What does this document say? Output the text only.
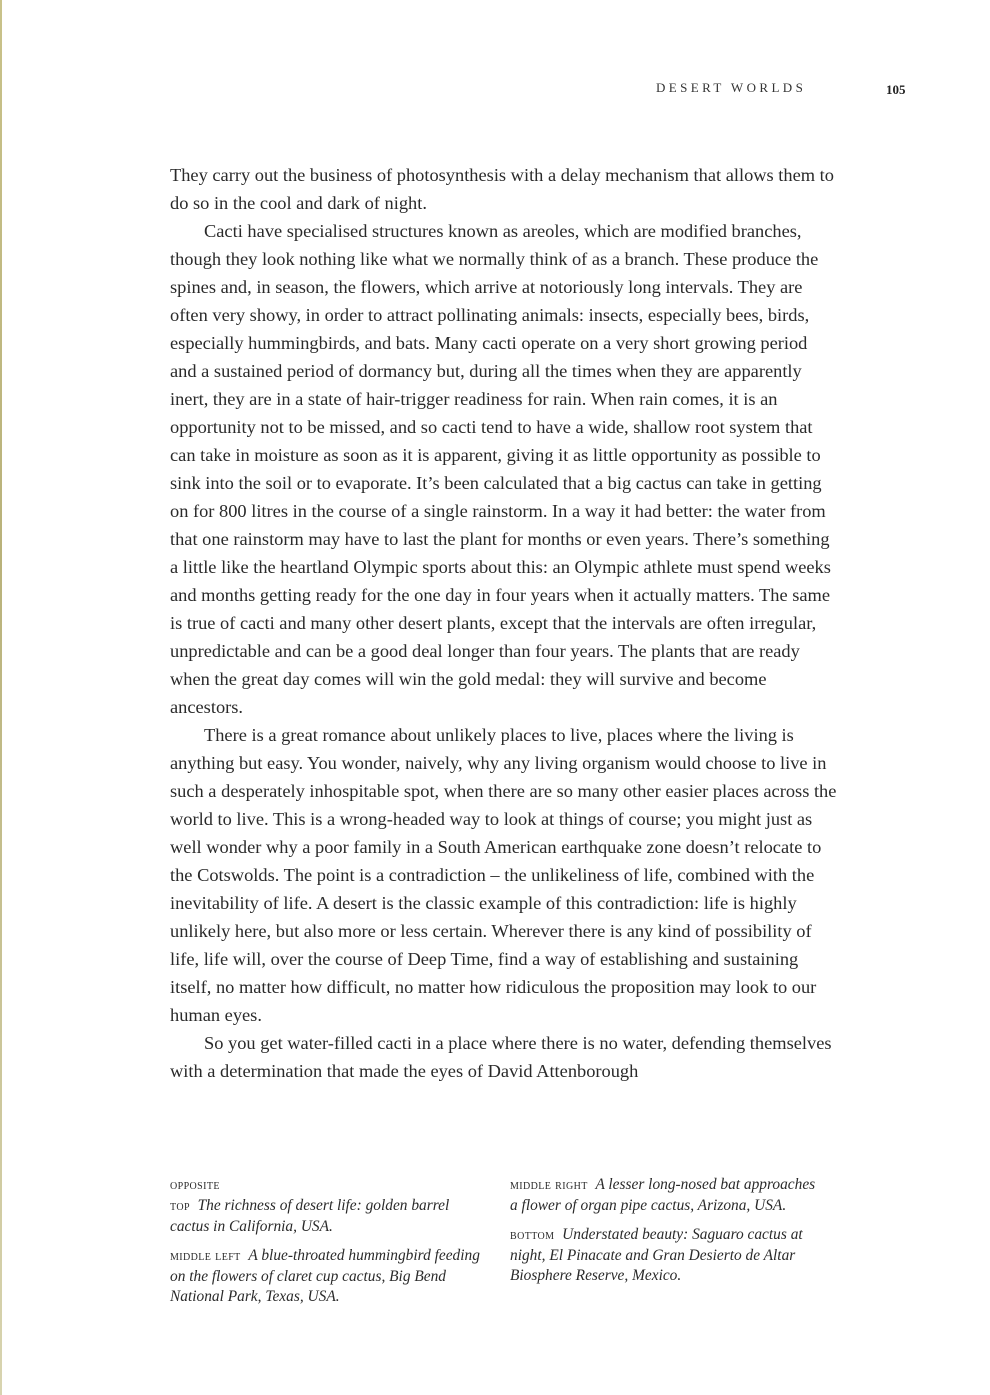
DESERT WORLDS	105

They carry out the business of photosynthesis with a delay mechanism that allows them to do so in the cool and dark of night.

Cacti have specialised structures known as areoles, which are modified branches, though they look nothing like what we normally think of as a branch. These produce the spines and, in season, the flowers, which arrive at notoriously long intervals. They are often very showy, in order to attract pollinating animals: insects, especially bees, birds, especially hummingbirds, and bats. Many cacti operate on a very short growing period and a sustained period of dormancy but, during all the times when they are apparently inert, they are in a state of hair-trigger readiness for rain. When rain comes, it is an opportunity not to be missed, and so cacti tend to have a wide, shallow root system that can take in moisture as soon as it is apparent, giving it as little opportunity as possible to sink into the soil or to evaporate. It’s been calculated that a big cactus can take in getting on for 800 litres in the course of a single rainstorm. In a way it had better: the water from that one rainstorm may have to last the plant for months or even years. There’s something a little like the heartland Olympic sports about this: an Olympic athlete must spend weeks and months getting ready for the one day in four years when it actually matters. The same is true of cacti and many other desert plants, except that the intervals are often irregular, unpredictable and can be a good deal longer than four years. The plants that are ready when the great day comes will win the gold medal: they will survive and become ancestors.

There is a great romance about unlikely places to live, places where the living is anything but easy. You wonder, naively, why any living organism would choose to live in such a desperately inhospitable spot, when there are so many other easier places across the world to live. This is a wrong-headed way to look at things of course; you might just as well wonder why a poor family in a South American earthquake zone doesn’t relocate to the Cotswolds. The point is a contradiction – the unlikeliness of life, combined with the inevitability of life. A desert is the classic example of this contradiction: life is highly unlikely here, but also more or less certain. Wherever there is any kind of possibility of life, life will, over the course of Deep Time, find a way of establishing and sustaining itself, no matter how difficult, no matter how ridiculous the proposition may look to our human eyes.

So you get water-filled cacti in a place where there is no water, defending themselves with a determination that made the eyes of David Attenborough

opposite
top The richness of desert life: golden barrel cactus in California, USA.
middle left A blue-throated hummingbird feeding on the flowers of claret cup cactus, Big Bend National Park, Texas, USA.
middle right A lesser long-nosed bat approaches a flower of organ pipe cactus, Arizona, USA.
bottom Understated beauty: Saguaro cactus at night, El Pinacate and Gran Desierto de Altar Biosphere Reserve, Mexico.
